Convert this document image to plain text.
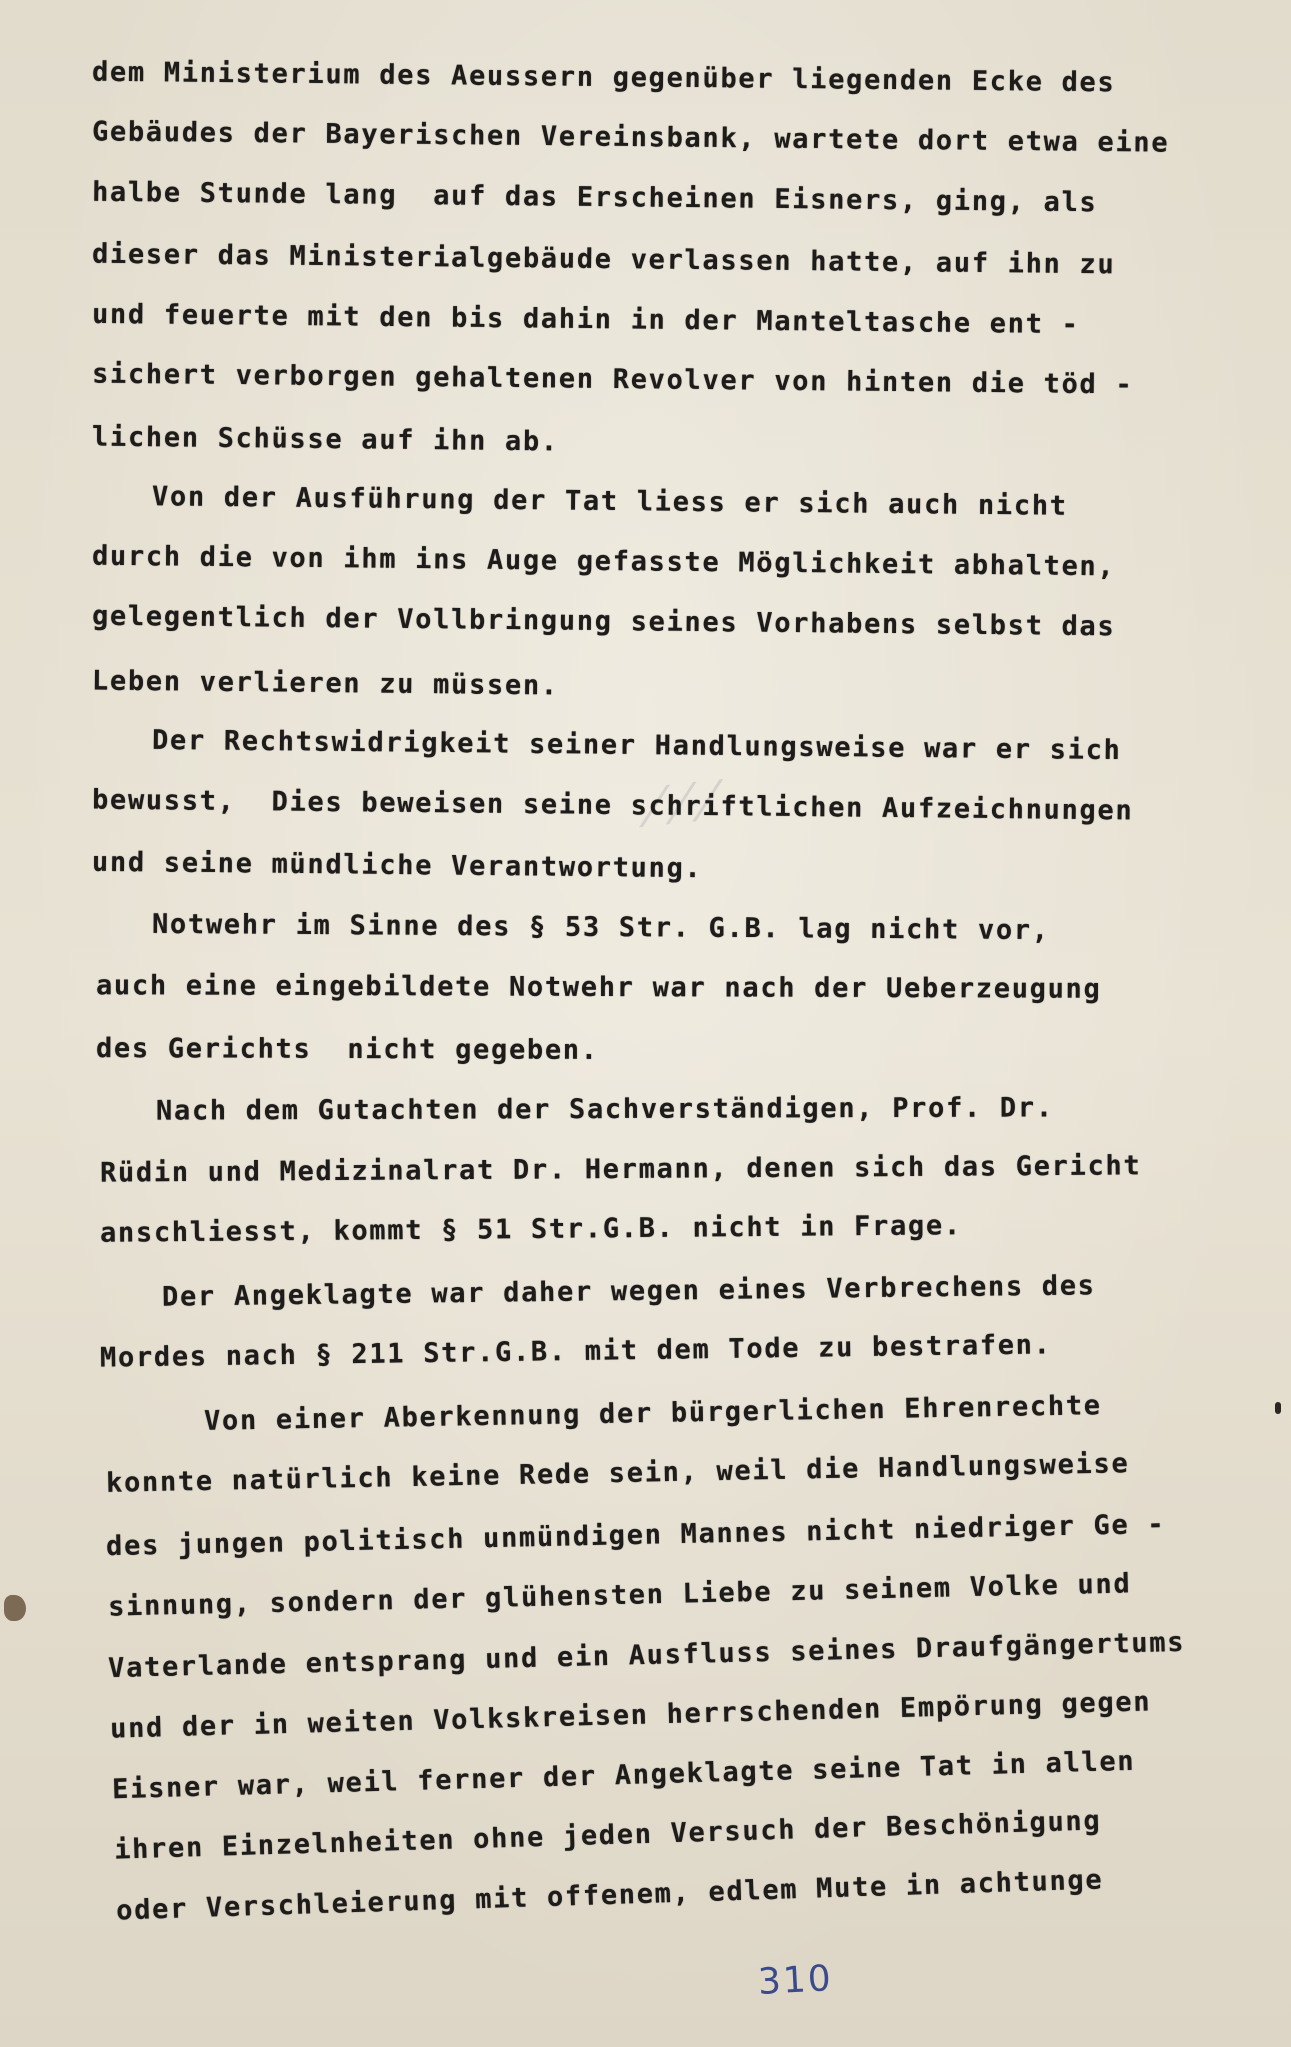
⁄⁄⁄
dem Ministerium des Aeussern gegenüber liegenden Ecke des
Gebäudes der Bayerischen Vereinsbank, wartete dort etwa eine
halbe Stunde lang  auf das Erscheinen Eisners, ging, als
dieser das Ministerialgebäude verlassen hatte, auf ihn zu
und feuerte mit den bis dahin in der Manteltasche ent -
sichert verborgen gehaltenen Revolver von hinten die töd -
lichen Schüsse auf ihn ab.
Von der Ausführung der Tat liess er sich auch nicht
durch die von ihm ins Auge gefasste Möglichkeit abhalten,
gelegentlich der Vollbringung seines Vorhabens selbst das
Leben verlieren zu müssen.
Der Rechtswidrigkeit seiner Handlungsweise war er sich
bewusst,  Dies beweisen seine schriftlichen Aufzeichnungen
und seine mündliche Verantwortung.
Notwehr im Sinne des § 53 Str. G.B. lag nicht vor,
auch eine eingebildete Notwehr war nach der Ueberzeugung
des Gerichts  nicht gegeben.
Nach dem Gutachten der Sachverständigen, Prof. Dr.
Rüdin und Medizinalrat Dr. Hermann, denen sich das Gericht
anschliesst, kommt § 51 Str.G.B. nicht in Frage.
Der Angeklagte war daher wegen eines Verbrechens des
Mordes nach § 211 Str.G.B. mit dem Tode zu bestrafen.
Von einer Aberkennung der bürgerlichen Ehrenrechte
konnte natürlich keine Rede sein, weil die Handlungsweise
des jungen politisch unmündigen Mannes nicht niedriger Ge -
sinnung, sondern der glühensten Liebe zu seinem Volke und
Vaterlande entsprang und ein Ausfluss seines Draufgängertums
und der in weiten Volkskreisen herrschenden Empörung gegen
Eisner war, weil ferner der Angeklagte seine Tat in allen
ihren Einzelnheiten ohne jeden Versuch der Beschönigung
oder Verschleierung mit offenem, edlem Mute in achtunge
310
